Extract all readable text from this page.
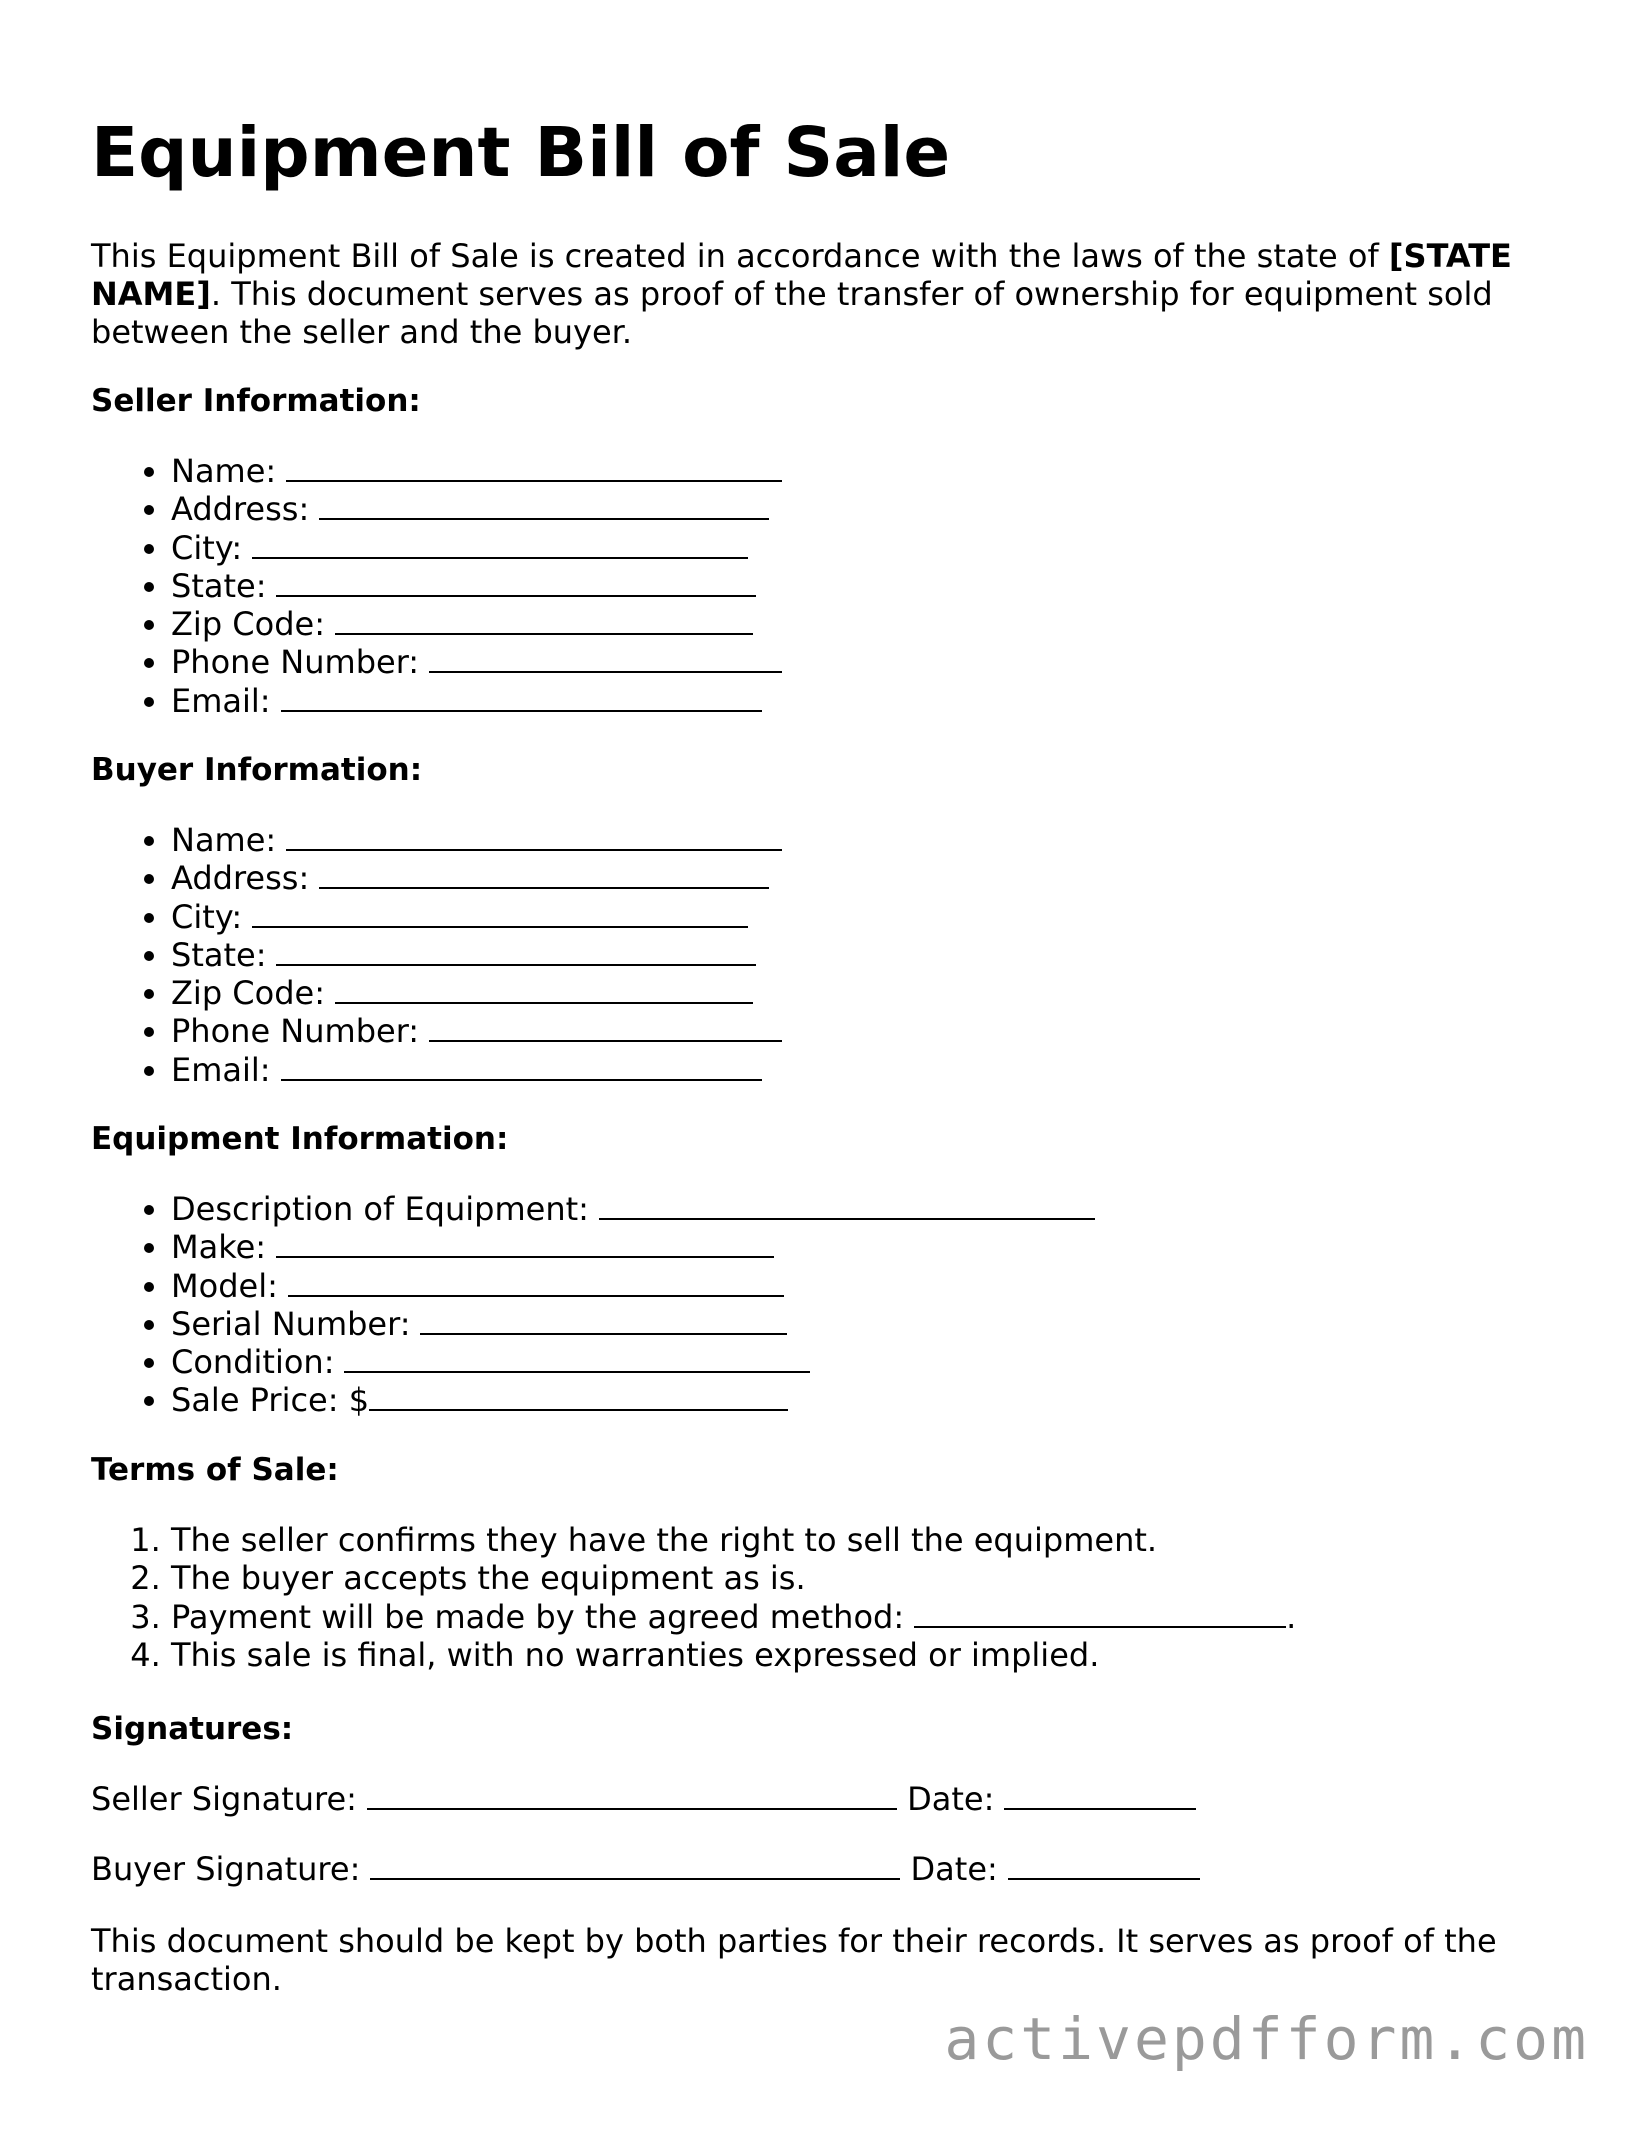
Equipment Bill of Sale

This Equipment Bill of Sale is created in accordance with the laws of the state of [STATE NAME]. This document serves as proof of the transfer of ownership for equipment sold between the seller and the buyer.

Seller Information:

• Name:
• Address:
• City:
• State:
• Zip Code:
• Phone Number:
• Email:

Buyer Information:

• Name:
• Address:
• City:
• State:
• Zip Code:
• Phone Number:
• Email:

Equipment Information:

• Description of Equipment:
• Make:
• Model:
• Serial Number:
• Condition:
• Sale Price: $

Terms of Sale:

1. The seller confirms they have the right to sell the equipment.
2. The buyer accepts the equipment as is.
3. Payment will be made by the agreed method:	.
4. This sale is final, with no warranties expressed or implied.

Signatures:

Seller Signature:	Date:

Buyer Signature:	Date:

This document should be kept by both parties for their records. It serves as proof of the transaction.

activepdfform.com
